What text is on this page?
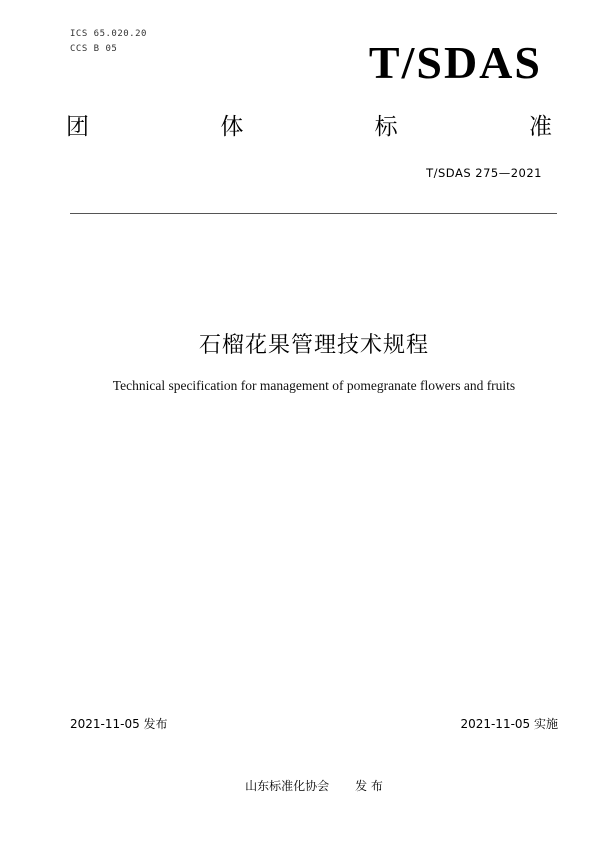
ICS 65.020.20
CCS B 05	T/SDAS
团	体	标	准
T/SDAS 275—2021
石榴花果管理技术规程
Technical specification for management of pomegranate flowers and fruits
2021-11-05 发布	2021-11-05 实施
山东标准化协会 发 布
